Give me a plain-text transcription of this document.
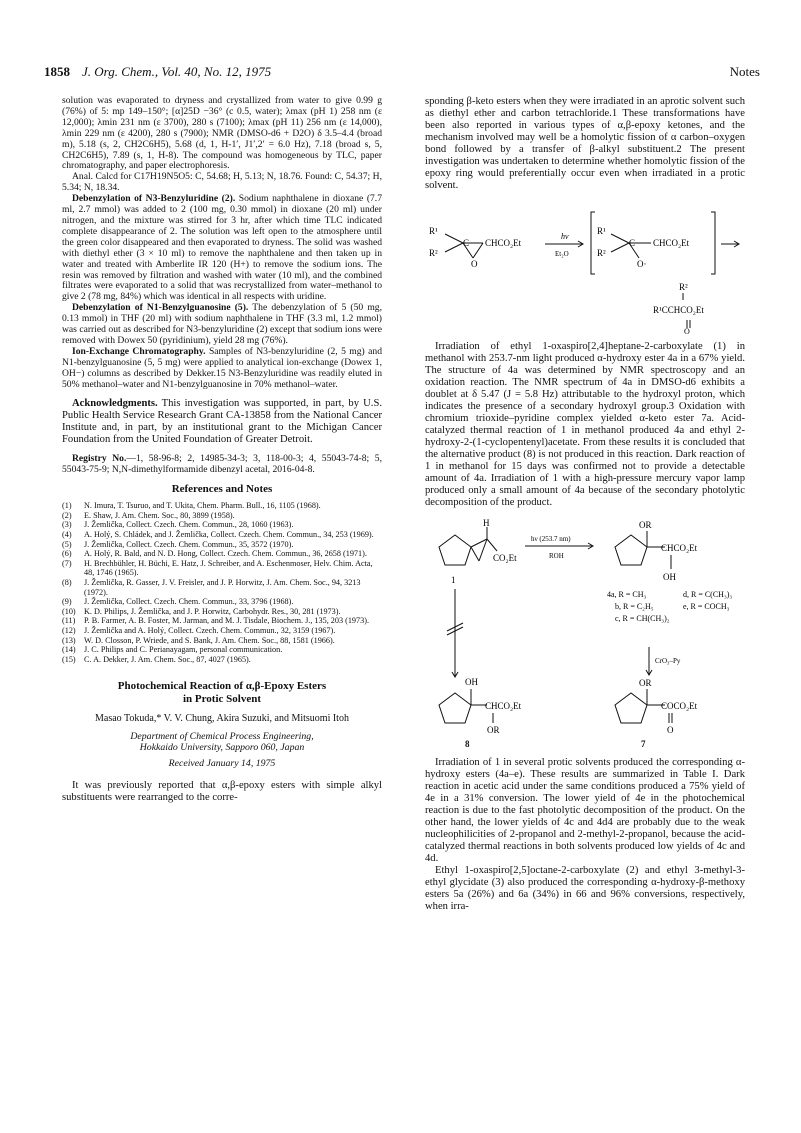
1858 J. Org. Chem., Vol. 40, No. 12, 1975	Notes

solution was evaporated to dryness and crystallized from water to give 0.99 g (76%) of 5: mp 149–150°; [α]25D −36° (c 0.5, water); λmax (pH 1) 258 nm (ε 12,000); λmin 231 nm (ε 3700), 280 s (7100); λmax (pH 11) 256 nm (ε 14,000), λmin 229 nm (ε 4200), 280 s (7900); NMR (DMSO-d6 + D2O) δ 3.5–4.4 (broad m), 5.18 (s, 2, CH2C6H5), 5.68 (d, 1, H-1′, J1′,2′ = 6.0 Hz), 7.18 (broad s, 5, CH2C6H5), 7.89 (s, 1, H-8). The compound was homogeneous by TLC, paper chromatography, and paper electrophoresis.

Anal. Calcd for C17H19N5O5: C, 54.68; H, 5.13; N, 18.76. Found: C, 54.37; H, 5.34; N, 18.34.

Debenzylation of N3-Benzyluridine (2). Sodium naphthalene in dioxane (7.7 ml, 2.7 mmol) was added to 2 (100 mg, 0.30 mmol) in dioxane (20 ml) under nitrogen, and the mixture was stirred for 3 hr, after which time TLC indicated complete disappearance of 2. The solution was left open to the atmosphere until the green color disappeared and then evaporated to dryness. The solid was washed with diethyl ether (3 × 10 ml) to remove the naphthalene and then taken up in water and treated with Amberlite IR 120 (H+) to remove the sodium ions. The resin was removed by filtration and washed with water (10 ml), and the combined filtrates were evaporated to a solid that was recrystallized from water–methanol to give 2 (78 mg, 84%) which was identical in all respects with uridine.

Debenzylation of N1-Benzylguanosine (5). The debenzylation of 5 (50 mg, 0.13 mmol) in THF (20 ml) with sodium naphthalene in THF (3.3 ml, 1.2 mmol) was carried out as described for N3-benzyluridine (2) except that sodium ions were removed with Dowex 50 (pyridinium), yield 28 mg (76%).

Ion-Exchange Chromatography. Samples of N3-benzyluridine (2, 5 mg) and N1-benzylguanosine (5, 5 mg) were applied to analytical ion-exchange (Dowex 1, OH−) columns as described by Dekker.15 N3-Benzyluridine was readily eluted in 50% methanol–water and N1-benzylguanosine in 70% methanol–water.

Acknowledgments. This investigation was supported, in part, by U.S. Public Health Service Research Grant CA-13858 from the National Cancer Institute and, in part, by an institutional grant to the Michigan Cancer Foundation from the United Foundation of Greater Detroit.

Registry No.—1, 58-96-8; 2, 14985-34-3; 3, 118-00-3; 4, 55043-74-8; 5, 55043-75-9; N,N-dimethylformamide dibenzyl acetal, 2016-04-8.

References and Notes
(1) N. Imura, T. Tsuruo, and T. Ukita, Chem. Pharm. Bull., 16, 1105 (1968).
(2) E. Shaw, J. Am. Chem. Soc., 80, 3899 (1958).
(3) J. Žemlička, Collect. Czech. Chem. Commun., 28, 1060 (1963).
(4) A. Holý, S. Chládek, and J. Žemlička, Collect. Czech. Chem. Commun., 34, 253 (1969).
(5) J. Žemlička, Collect. Czech. Chem. Commun., 35, 3572 (1970).
(6) A. Holý, R. Bald, and N. D. Hong, Collect. Czech. Chem. Commun., 36, 2658 (1971).
(7) H. Brechbühler, H. Büchi, E. Hatz, J. Schreiber, and A. Eschenmoser, Helv. Chim. Acta, 48, 1746 (1965).
(8) J. Žemlička, R. Gasser, J. V. Freisler, and J. P. Horwitz, J. Am. Chem. Soc., 94, 3213 (1972).
(9) J. Žemlička, Collect. Czech. Chem. Commun., 33, 3796 (1968).
(10) K. D. Philips, J. Žemlička, and J. P. Horwitz, Carbohydr. Res., 30, 281 (1973).
(11) P. B. Farmer, A. B. Foster, M. Jarman, and M. J. Tisdale, Biochem. J., 135, 203 (1973).
(12) J. Žemlička and A. Holý, Collect. Czech. Chem. Commun., 32, 3159 (1967).
(13) W. D. Closson, P. Wriede, and S. Bank, J. Am. Chem. Soc., 88, 1581 (1966).
(14) J. C. Philips and C. Perianayagam, personal communication.
(15) C. A. Dekker, J. Am. Chem. Soc., 87, 4027 (1965).
Photochemical Reaction of α,β-Epoxy Esters
in Protic Solvent
Masao Tokuda,* V. V. Chung, Akira Suzuki, and Mitsuomi Itoh
Department of Chemical Process Engineering,
Hokkaido University, Sapporo 060, Japan
Received January 14, 1975

It was previously reported that α,β-epoxy esters with simple alkyl substituents were rearranged to the corre-

sponding β-keto esters when they were irradiated in an aprotic solvent such as diethyl ether and carbon tetrachloride.1 These transformations have been also reported in various types of α,β-epoxy ketones, and the mechanism involved may well be a homolytic fission of α carbon–oxygen bond followed by a transfer of β-alkyl substituent.2 The present investigation was undertaken to determine whether homolytic fission of the epoxy ring would preferentially occur even when irradiated in a protic solvent.

R¹
R²
C CHCO₂Et
O
hν
Et₂O
R¹
R²
C CHCO₂Et
O·
R²
R¹CCHCO₂Et
O

Irradiation of ethyl 1-oxaspiro[2,4]heptane-2-carboxylate (1) in methanol with 253.7-nm light produced α-hydroxy ester 4a in a 67% yield. The structure of 4a was determined by NMR spectroscopy and an oxidation reaction. The NMR spectrum of 4a in DMSO-d6 exhibits a doublet at δ 5.47 (J = 5.8 Hz) attributable to the hydroxyl proton, which indicates the presence of a secondary hydroxyl group.3 Oxidation with chromium trioxide–pyridine complex yielded α-keto ester 7a. Acid-catalyzed thermal reaction of 1 in methanol produced 4a and ethyl 2-hydroxy-2-(1-cyclopentenyl)acetate. From these results it is concluded that the alternative product (8) is not produced in this reaction. Dark reaction of 1 in methanol for 15 days was confirmed not to provide a detectable amount of 4a. Irradiation of 1 with a high-pressure mercury vapor lamp produced only a small amount of 4a because of the secondary photolytic decomposition of the product.

H
CO₂Et
hν (253.7 nm)
ROH
OR
CHCO₂Et
OH
1
4a, R = CH₃
b, R = C₂H₅
c, R = CH(CH₃)₂
d, R = C(CH₃)₃
e, R = COCH₃
CrO₃–Py
OH
CHCO₂Et
OR
OR
COCO₂Et
O
8	7

Irradiation of 1 in several protic solvents produced the corresponding α-hydroxy esters (4a–e). These results are summarized in Table I. Dark reaction in acetic acid under the same conditions produced a 75% yield of 4e in a 31% conversion. The lower yield of 4e in the photochemical reaction is due to the fast photolytic decomposition of the product. On the other hand, the lower yields of 4c and 4d4 are probably due to the weak nucleophilicities of 2-propanol and 2-methyl-2-propanol, because the acid-catalyzed thermal reactions in both solvents produced low yields of 4c and 4d.

Ethyl 1-oxaspiro[2,5]octane-2-carboxylate (2) and ethyl 3-methyl-3-ethyl glycidate (3) also produced the corresponding α-hydroxy-β-methoxy esters 5a (26%) and 6a (34%) in 66 and 96% conversions, respectively, when irra-
